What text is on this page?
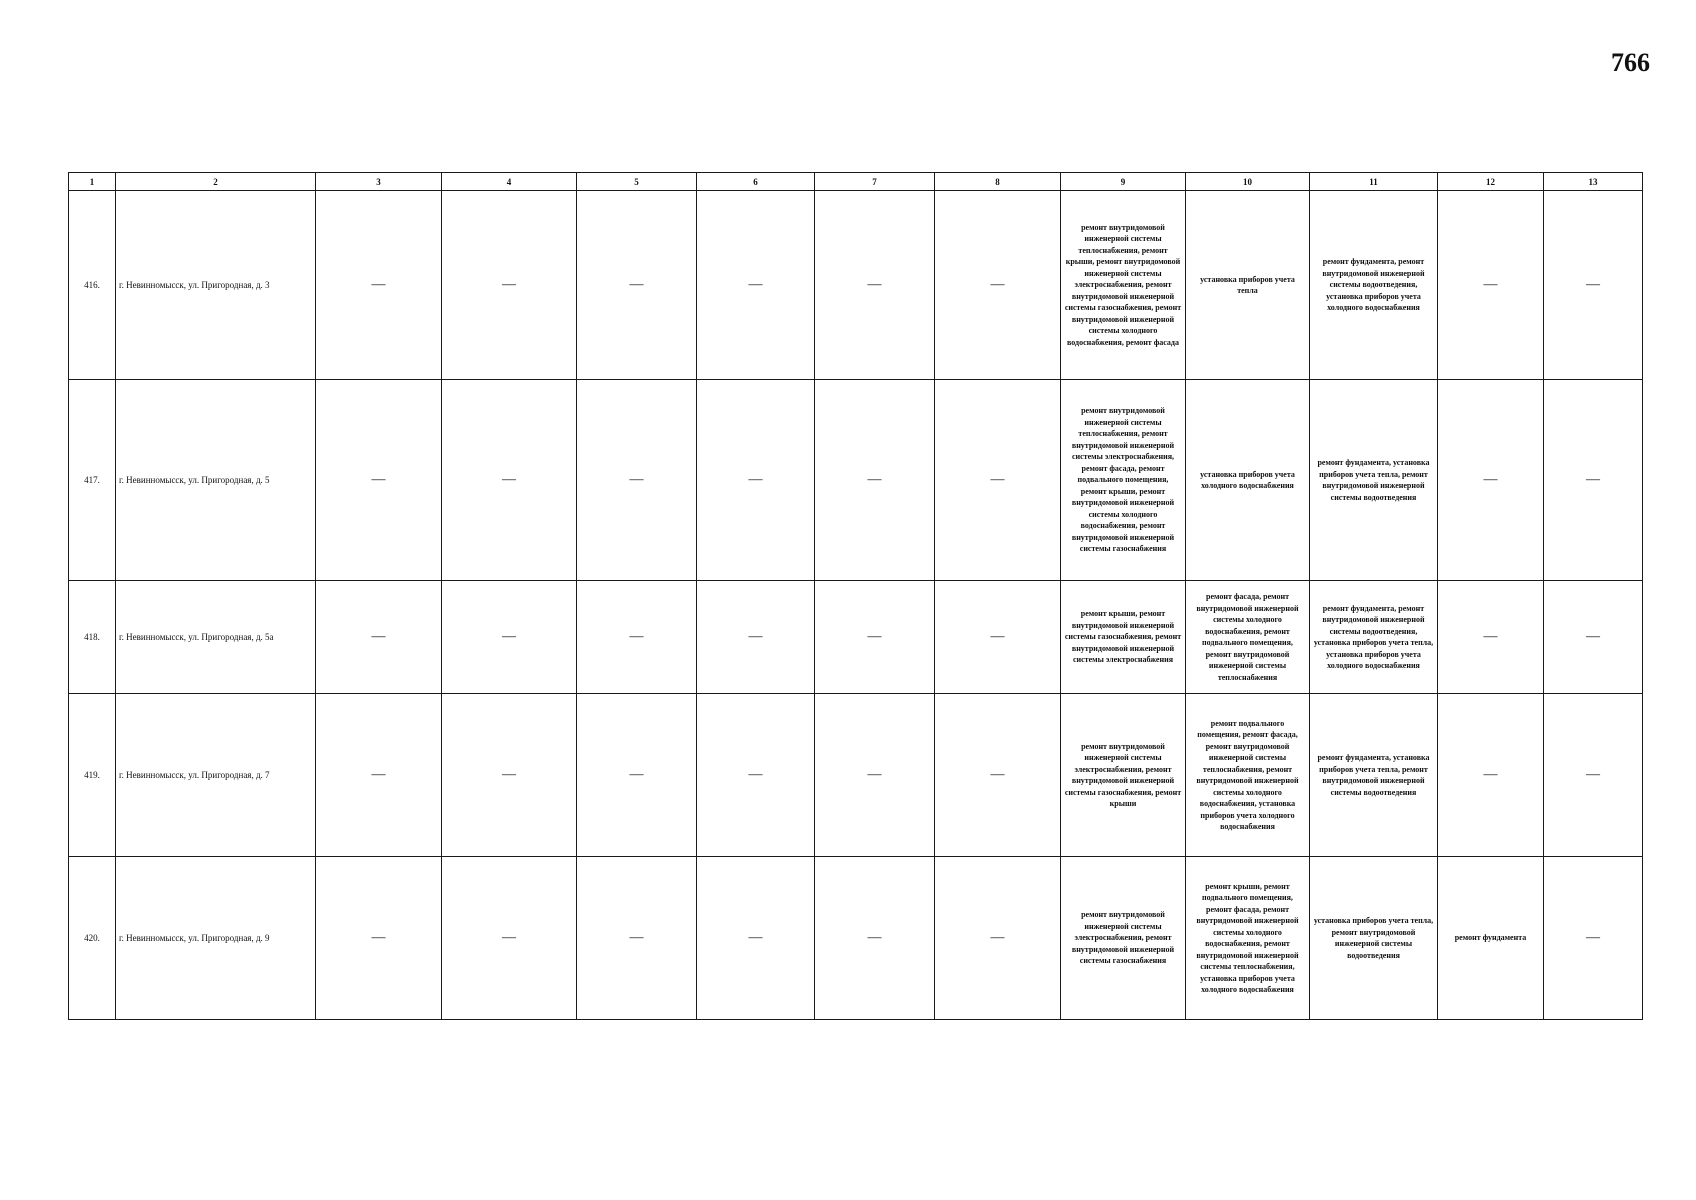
766
1	2	3	4	5	6	7	8	9	10	11	12	13
416.	г. Невинномысск, ул. Пригородная, д. 3	—	—	—	—	—	—	ремонт внутридомовой инженерной системы теплоснабжения, ремонт крыши, ремонт внутридомовой инженерной системы электроснабжения, ремонт внутридомовой инженерной системы газоснабжения, ремонт внутридомовой инженерной системы холодного водоснабжения, ремонт фасада	установка приборов учета тепла	ремонт фундамента, ремонт внутридомовой инженерной системы водоотведения, установка приборов учета холодного водоснабжения	—	—
417.	г. Невинномысск, ул. Пригородная, д. 5	—	—	—	—	—	—	ремонт внутридомовой инженерной системы теплоснабжения, ремонт внутридомовой инженерной системы электроснабжения, ремонт фасада, ремонт подвального помещения, ремонт крыши, ремонт внутридомовой инженерной системы холодного водоснабжения, ремонт внутридомовой инженерной системы газоснабжения	установка приборов учета холодного водоснабжения	ремонт фундамента, установка приборов учета тепла, ремонт внутридомовой инженерной системы водоотведения	—	—
418.	г. Невинномысск, ул. Пригородная, д. 5а	—	—	—	—	—	—	ремонт крыши, ремонт внутридомовой инженерной системы газоснабжения, ремонт внутридомовой инженерной системы электроснабжения	ремонт фасада, ремонт внутридомовой инженерной системы холодного водоснабжения, ремонт подвального помещения, ремонт внутридомовой инженерной системы теплоснабжения	ремонт фундамента, ремонт внутридомовой инженерной системы водоотведения, установка приборов учета тепла, установка приборов учета холодного водоснабжения	—	—
419.	г. Невинномысск, ул. Пригородная, д. 7	—	—	—	—	—	—	ремонт внутридомовой инженерной системы электроснабжения, ремонт внутридомовой инженерной системы газоснабжения, ремонт крыши	ремонт подвального помещения, ремонт фасада, ремонт внутридомовой инженерной системы теплоснабжения, ремонт внутридомовой инженерной системы холодного водоснабжения, установка приборов учета холодного водоснабжения	ремонт фундамента, установка приборов учета тепла, ремонт внутридомовой инженерной системы водоотведения	—	—
420.	г. Невинномысск, ул. Пригородная, д. 9	—	—	—	—	—	—	ремонт внутридомовой инженерной системы электроснабжения, ремонт внутридомовой инженерной системы газоснабжения	ремонт крыши, ремонт подвального помещения, ремонт фасада, ремонт внутридомовой инженерной системы холодного водоснабжения, ремонт внутридомовой инженерной системы теплоснабжения, установка приборов учета холодного водоснабжения	установка приборов учета тепла, ремонт внутридомовой инженерной системы водоотведения	ремонт фундамента	—
